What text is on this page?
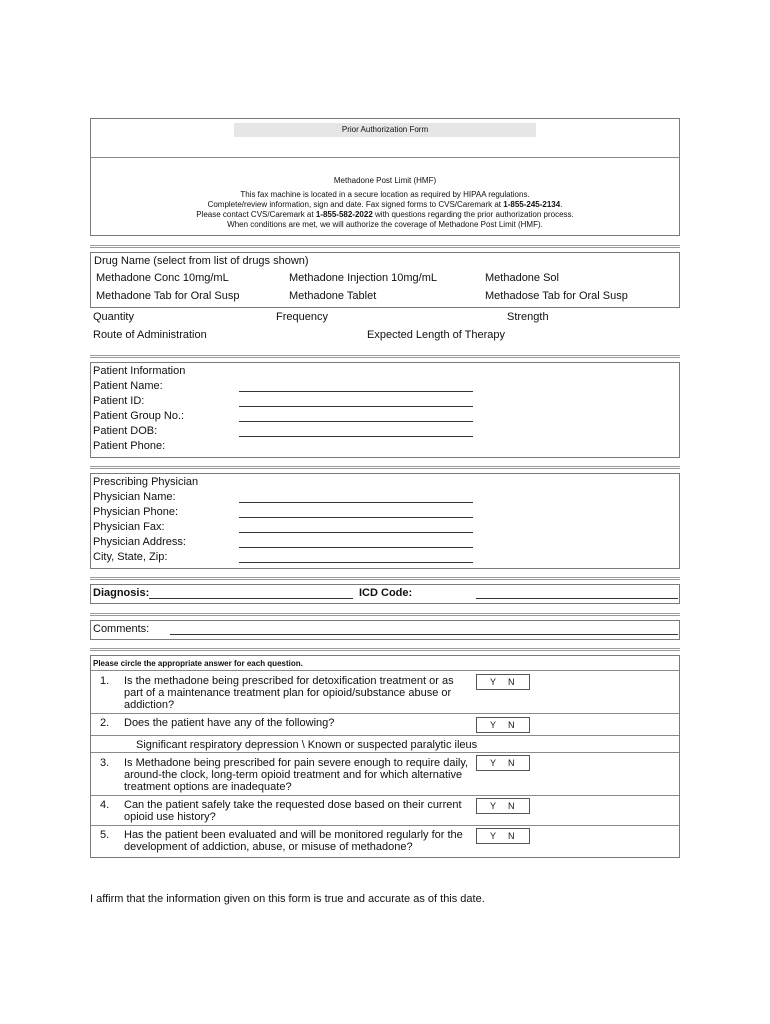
Prior Authorization Form
Methadone Post Limit (HMF)
This fax machine is located in a secure location as required by HIPAA regulations.
Complete/review information, sign and date. Fax signed forms to CVS/Caremark at 1-855-245-2134.
Please contact CVS/Caremark at 1-855-582-2022 with questions regarding the prior authorization process.
When conditions are met, we will authorize the coverage of Methadone Post Limit (HMF).
Drug Name (select from list of drugs shown)
Methadone Conc 10mg/mL	Methadone Injection 10mg/mL	Methadone Sol
Methadone Tab for Oral Susp	Methadone Tablet	Methadose Tab for Oral Susp
Quantity	Frequency	Strength
Route of Administration	Expected Length of Therapy
Patient Information
Patient Name:
Patient ID:
Patient Group No.:
Patient DOB:
Patient Phone:
Prescribing Physician
Physician Name:
Physician Phone:
Physician Fax:
Physician Address:
City, State, Zip:
Diagnosis:	ICD Code:
Comments:
Please circle the appropriate answer for each question.
1. Is the methadone being prescribed for detoxification treatment or as part of a maintenance treatment plan for opioid/substance abuse or addiction?
Y N
2. Does the patient have any of the following?	Y N
Significant respiratory depression \ Known or suspected paralytic ileus
3. Is Methadone being prescribed for pain severe enough to require daily, around-the clock, long-term opioid treatment and for which alternative treatment options are inadequate?
Y N
4. Can the patient safely take the requested dose based on their current opioid use history?
Y N
5. Has the patient been evaluated and will be monitored regularly for the development of addiction, abuse, or misuse of methadone?
Y N
I affirm that the information given on this form is true and accurate as of this date.
